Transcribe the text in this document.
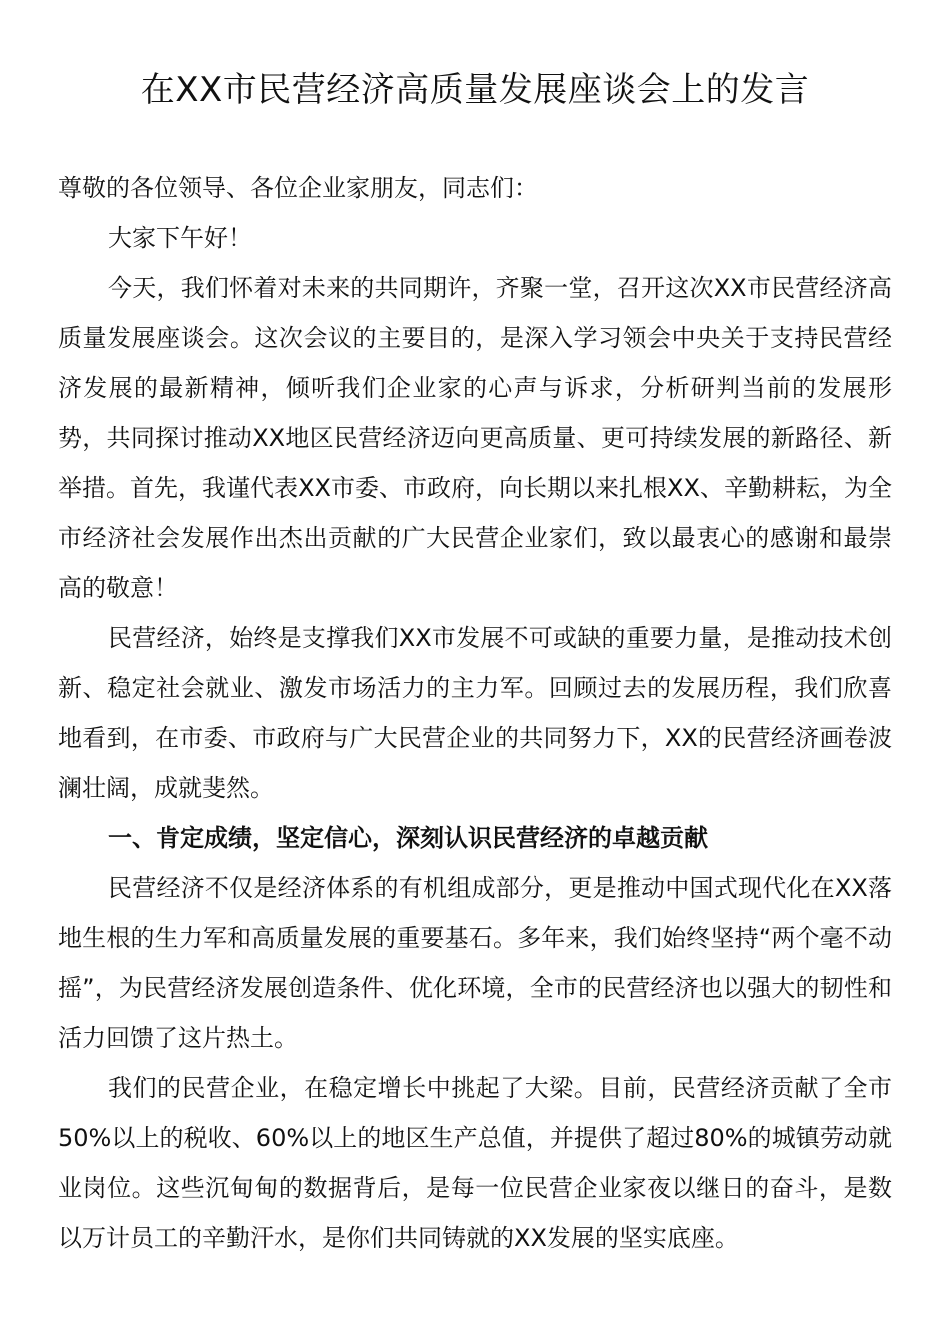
在XX市民营经济高质量发展座谈会上的发言

尊敬的各位领导、各位企业家朋友，同志们：

大家下午好！

今天，我们怀着对未来的共同期许，齐聚一堂，召开这次XX市民营经济高质量发展座谈会。这次会议的主要目的，是深入学习领会中央关于支持民营经济发展的最新精神，倾听我们企业家的心声与诉求，分析研判当前的发展形势，共同探讨推动XX地区民营经济迈向更高质量、更可持续发展的新路径、新举措。首先，我谨代表XX市委、市政府，向长期以来扎根XX、辛勤耕耘，为全市经济社会发展作出杰出贡献的广大民营企业家们，致以最衷心的感谢和最崇高的敬意！

民营经济，始终是支撑我们XX市发展不可或缺的重要力量，是推动技术创新、稳定社会就业、激发市场活力的主力军。回顾过去的发展历程，我们欣喜地看到，在市委、市政府与广大民营企业的共同努力下，XX的民营经济画卷波澜壮阔，成就斐然。

一、肯定成绩，坚定信心，深刻认识民营经济的卓越贡献

民营经济不仅是经济体系的有机组成部分，更是推动中国式现代化在XX落地生根的生力军和高质量发展的重要基石。多年来，我们始终坚持“两个毫不动摇”，为民营经济发展创造条件、优化环境，全市的民营经济也以强大的韧性和活力回馈了这片热土。

我们的民营企业，在稳定增长中挑起了大梁。目前，民营经济贡献了全市50%以上的税收、60%以上的地区生产总值，并提供了超过80%的城镇劳动就业岗位。这些沉甸甸的数据背后，是每一位民营企业家夜以继日的奋斗，是数以万计员工的辛勤汗水，是你们共同铸就的XX发展的坚实底座。
